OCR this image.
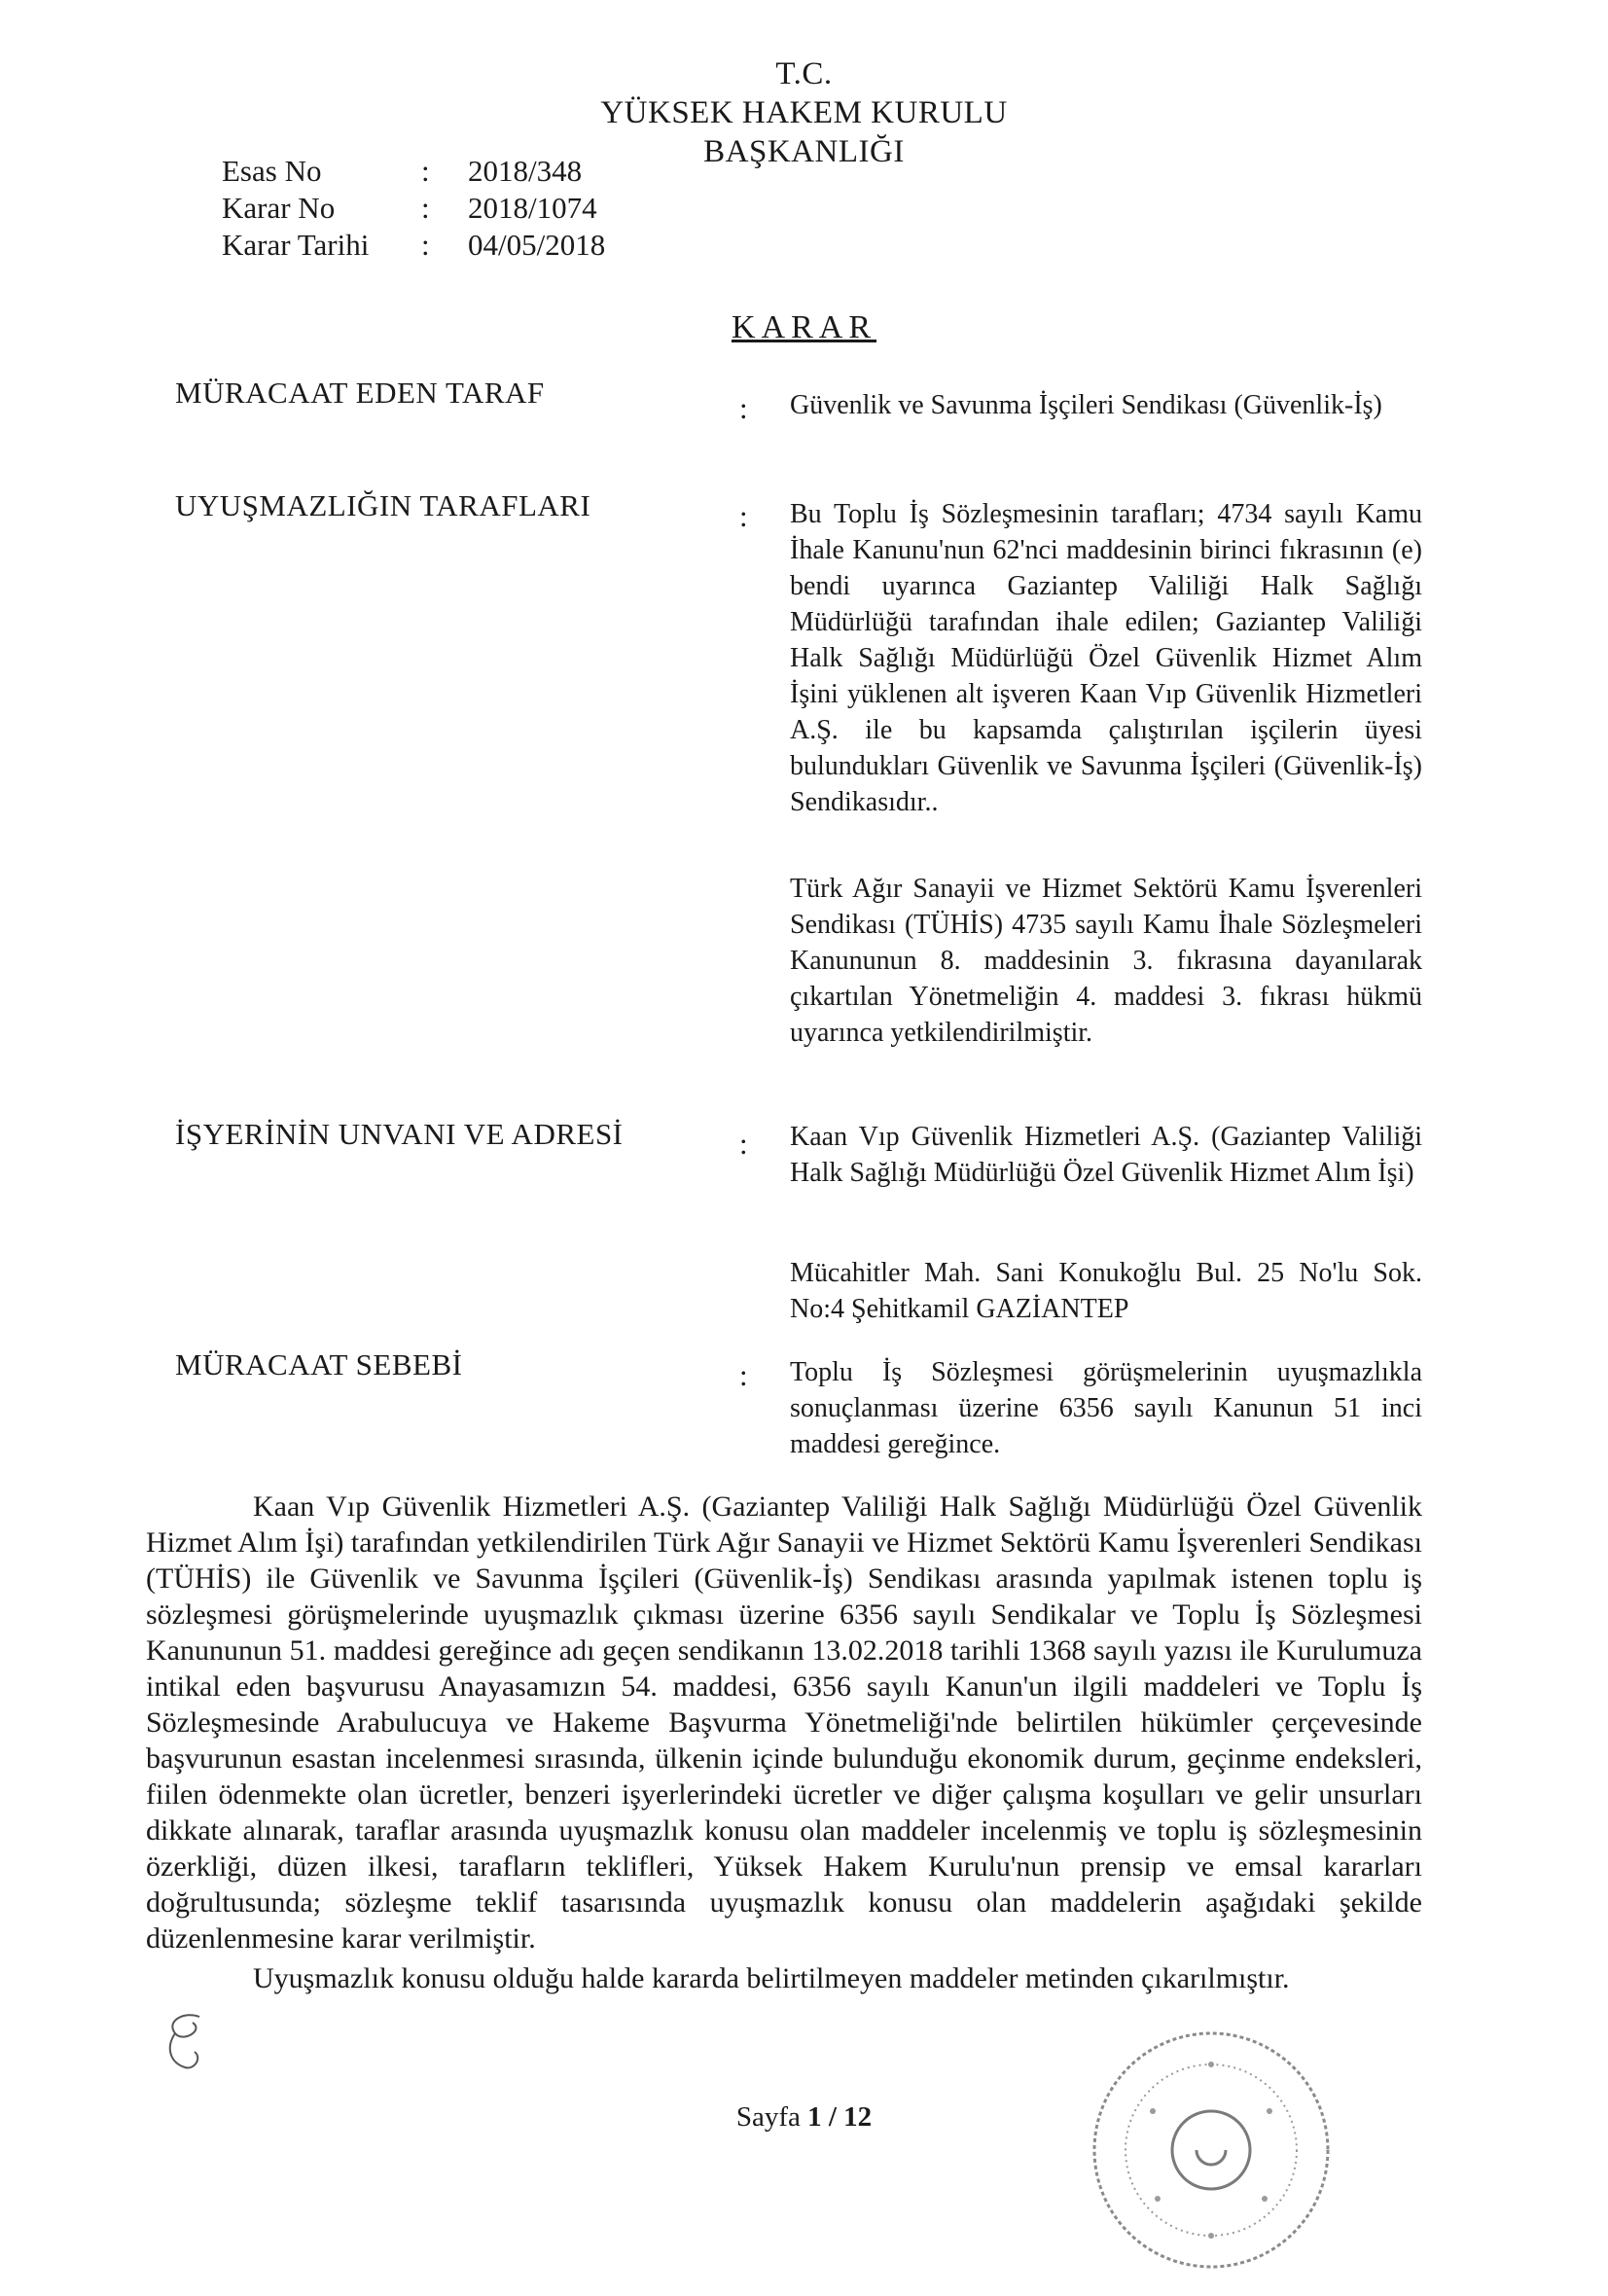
T.C.
YÜKSEK HAKEM KURULU
BAŞKANLIĞI
Esas No	:	2018/348
Karar No	:	2018/1074
Karar Tarihi	:	04/05/2018
KARAR
MÜRACAAT EDEN TARAF	: Güvenlik ve Savunma İşçileri Sendikası (Güvenlik-İş)
UYUŞMAZLIĞIN TARAFLARI	: Bu Toplu İş Sözleşmesinin tarafları; 4734 sayılı Kamu İhale Kanunu'nun 62'nci maddesinin birinci fıkrasının (e) bendi uyarınca Gaziantep Valiliği Halk Sağlığı Müdürlüğü tarafından ihale edilen; Gaziantep Valiliği Halk Sağlığı Müdürlüğü Özel Güvenlik Hizmet Alım İşini yüklenen alt işveren Kaan Vıp Güvenlik Hizmetleri A.Ş. ile bu kapsamda çalıştırılan işçilerin üyesi bulundukları Güvenlik ve Savunma İşçileri (Güvenlik-İş) Sendikasıdır..
Türk Ağır Sanayii ve Hizmet Sektörü Kamu İşverenleri Sendikası (TÜHİS) 4735 sayılı Kamu İhale Sözleşmeleri Kanununun 8. maddesinin 3. fıkrasına dayanılarak çıkartılan Yönetmeliğin 4. maddesi 3. fıkrası hükmü uyarınca yetkilendirilmiştir.
İŞYERİNİN UNVANI VE ADRESİ	: Kaan Vıp Güvenlik Hizmetleri A.Ş. (Gaziantep Valiliği Halk Sağlığı Müdürlüğü Özel Güvenlik Hizmet Alım İşi)
Mücahitler Mah. Sani Konukoğlu Bul. 25 No'lu Sok. No:4 Şehitkamil GAZİANTEP
MÜRACAAT SEBEBİ	: Toplu İş Sözleşmesi görüşmelerinin uyuşmazlıkla sonuçlanması üzerine 6356 sayılı Kanunun 51 inci maddesi gereğince.

Kaan Vıp Güvenlik Hizmetleri A.Ş. (Gaziantep Valiliği Halk Sağlığı Müdürlüğü Özel Güvenlik Hizmet Alım İşi) tarafından yetkilendirilen Türk Ağır Sanayii ve Hizmet Sektörü Kamu İşverenleri Sendikası (TÜHİS) ile Güvenlik ve Savunma İşçileri (Güvenlik-İş) Sendikası arasında yapılmak istenen toplu iş sözleşmesi görüşmelerinde uyuşmazlık çıkması üzerine 6356 sayılı Sendikalar ve Toplu İş Sözleşmesi Kanununun 51. maddesi gereğince adı geçen sendikanın 13.02.2018 tarihli 1368 sayılı yazısı ile Kurulumuza intikal eden başvurusu Anayasamızın 54. maddesi, 6356 sayılı Kanun'un ilgili maddeleri ve Toplu İş Sözleşmesinde Arabulucuya ve Hakeme Başvurma Yönetmeliği'nde belirtilen hükümler çerçevesinde başvurunun esastan incelenmesi sırasında, ülkenin içinde bulunduğu ekonomik durum, geçinme endeksleri, fiilen ödenmekte olan ücretler, benzeri işyerlerindeki ücretler ve diğer çalışma koşulları ve gelir unsurları dikkate alınarak, taraflar arasında uyuşmazlık konusu olan maddeler incelenmiş ve toplu iş sözleşmesinin özerkliği, düzen ilkesi, tarafların teklifleri, Yüksek Hakem Kurulu'nun prensip ve emsal kararları doğrultusunda; sözleşme teklif tasarısında uyuşmazlık konusu olan maddelerin aşağıdaki şekilde düzenlenmesine karar verilmiştir.

Uyuşmazlık konusu olduğu halde kararda belirtilmeyen maddeler metinden çıkarılmıştır.

Sayfa 1 / 12
